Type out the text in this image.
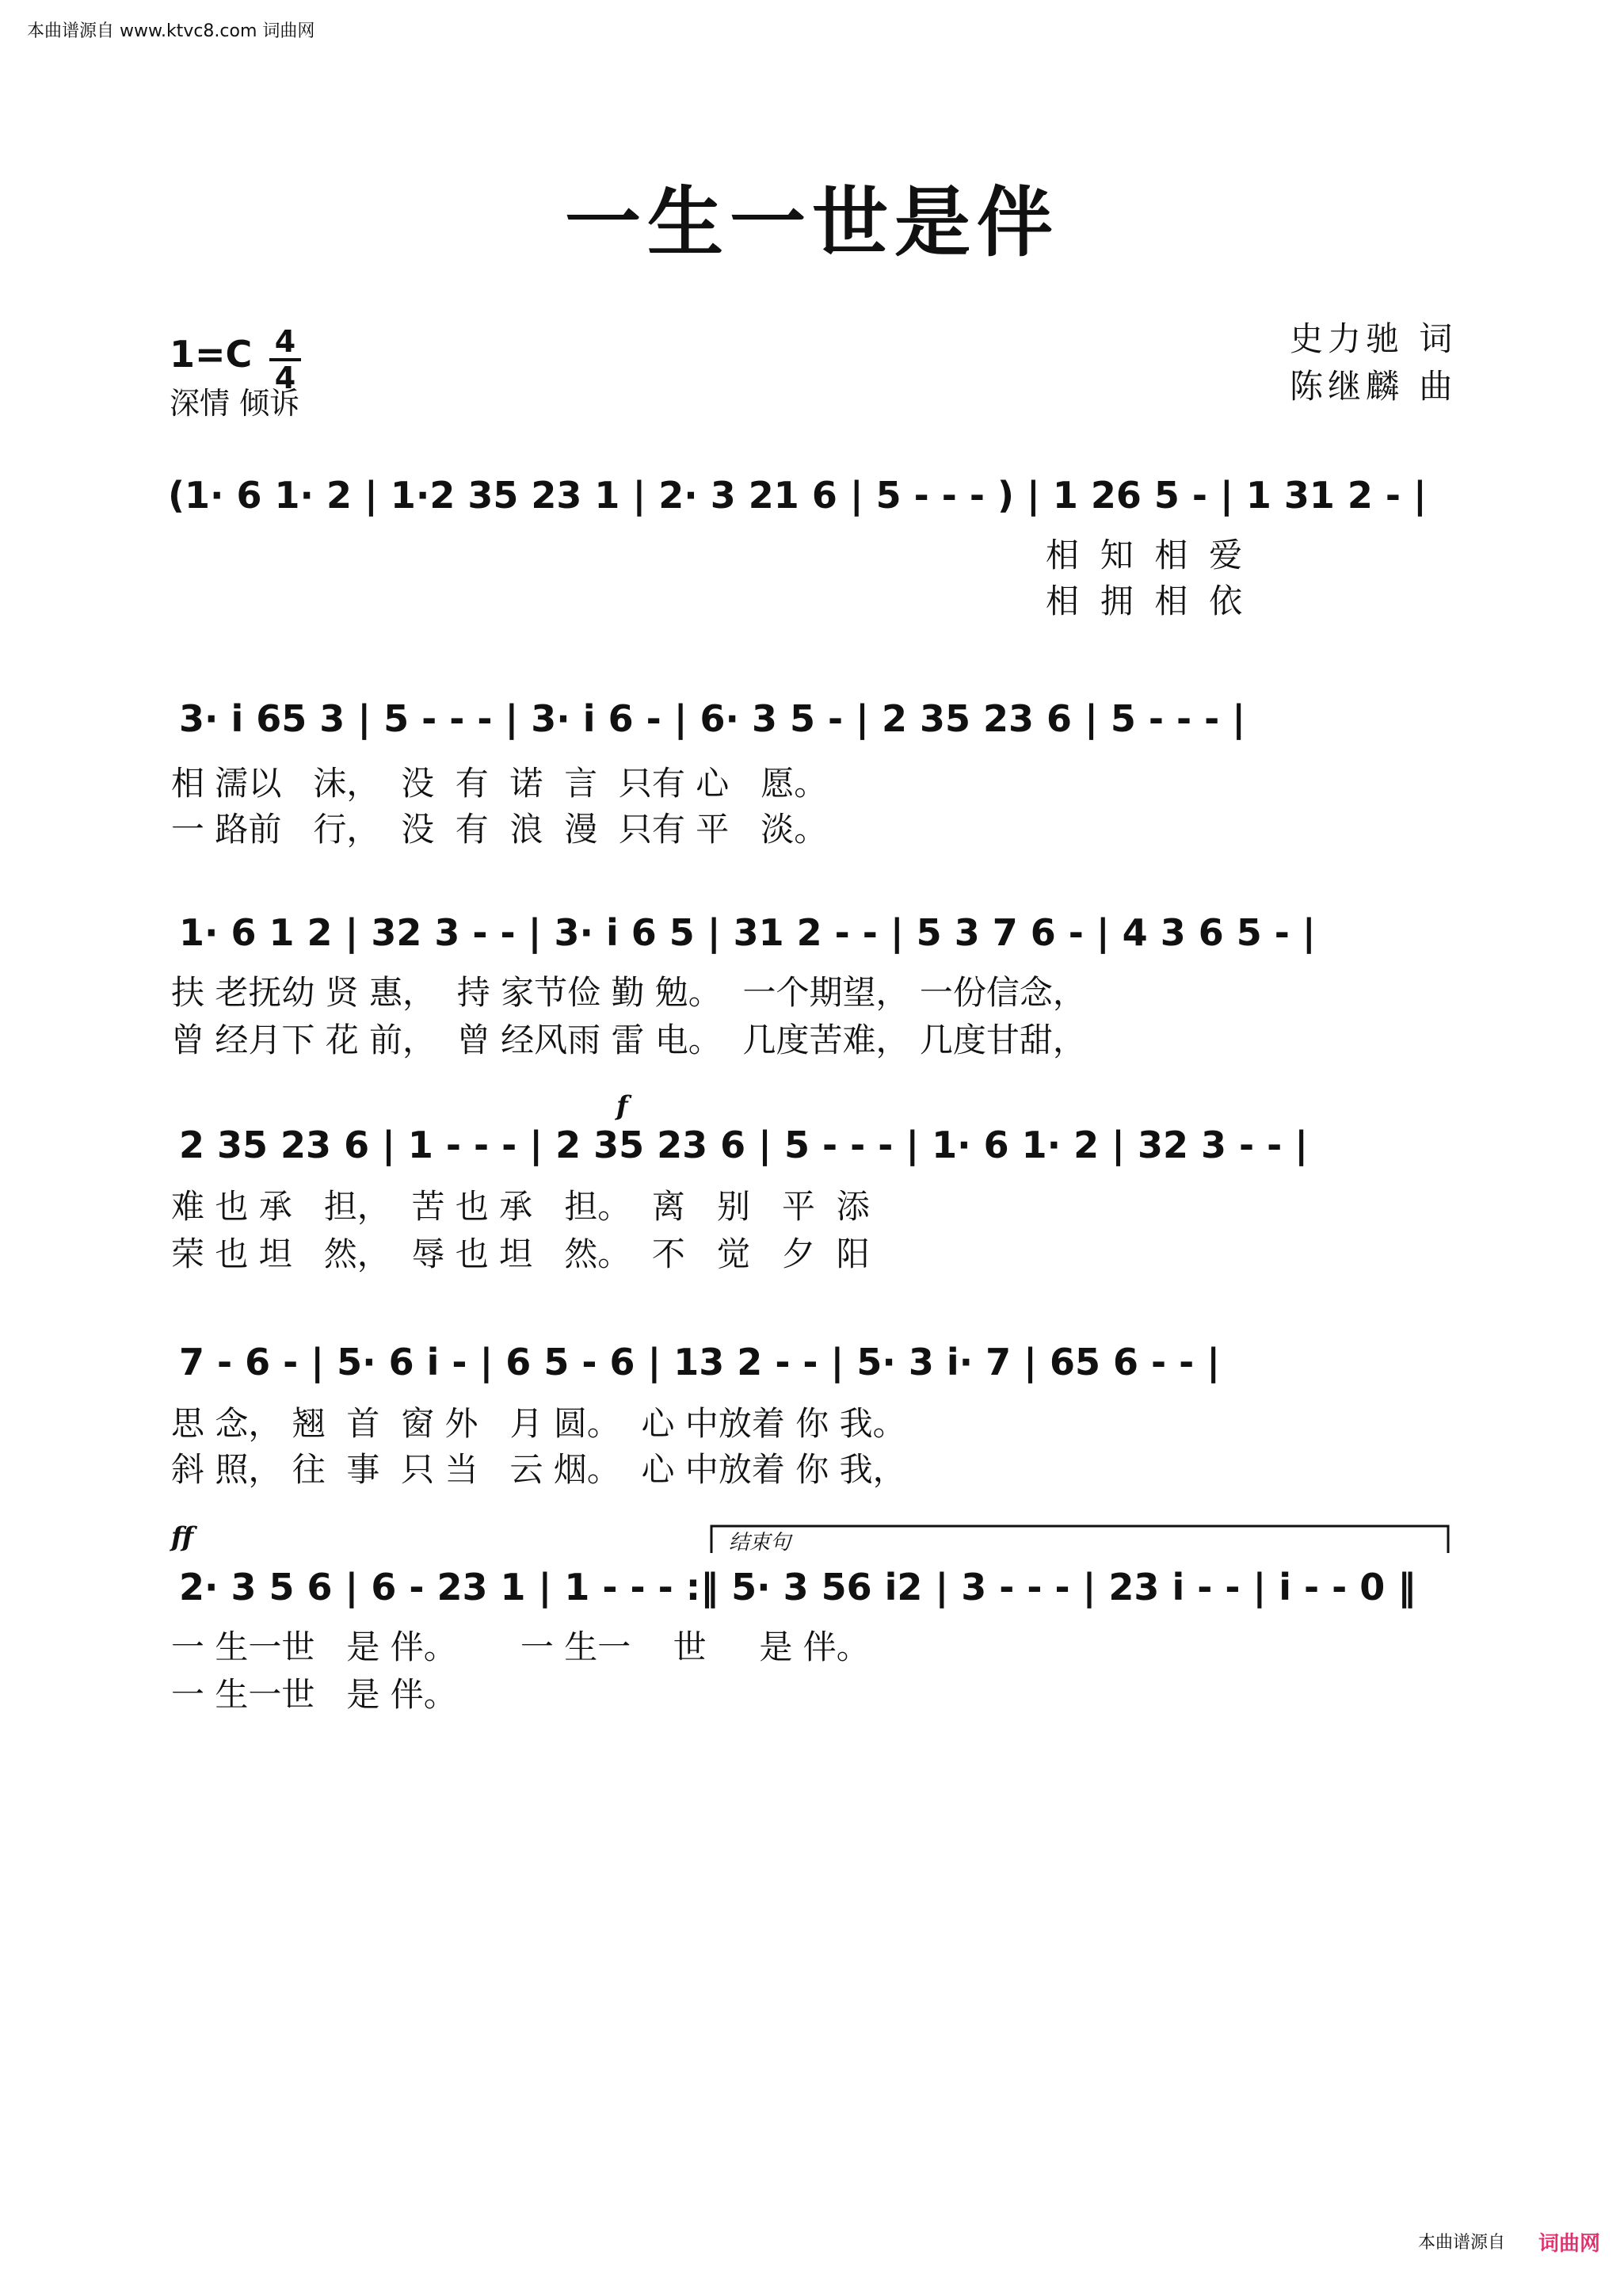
本曲谱源自 www.ktvc8.com 词曲网
一生一世是伴
1=C 4
4
深情 倾诉
史力驰 词
陈继麟 曲
(1· 6 1· 2 | 1·2 35 23 1 | 2· 3 21 6 | 5 - - - ) | 1 26 5 - | 1 31 2 - |
相  知  相  爱
相  拥  相  依
3· i 65 3 | 5 - - - | 3· i 6 - | 6· 3 5 - | 2 35 23 6 | 5 - - - |
相 濡以   沫，  没  有  诺  言  只有 心   愿。
一 路前   行，  没  有  浪  漫  只有 平   淡。
1· 6 1 2 | 32 3 - - | 3· i 6 5 | 31 2 - - | 5 3 7 6 - | 4 3 6 5 - |
扶 老抚幼 贤 惠，  持 家节俭 勤 勉。  一个期望， 一份信念，
曾 经月下 花 前，  曾 经风雨 雷 电。  几度苦难， 几度甘甜，
f
2 35 23 6 | 1 - - - | 2 35 23 6 | 5 - - - | 1· 6 1· 2 | 32 3 - - |
难 也 承   担，  苦 也 承   担。  离   别   平  添
荣 也 坦   然，  辱 也 坦   然。  不   觉   夕  阳
7 - 6 - | 5· 6 i - | 6 5 - 6 | 13 2 - - | 5· 3 i· 7 | 65 6 - - |
思 念， 翘  首  窗 外   月 圆。  心 中放着 你 我。
斜 照， 往  事  只 当   云 烟。  心 中放着 你 我，
ff	结束句
2· 3 5 6 | 6 - 23 1 | 1 - - - :‖ 5· 3 56 i2 | 3 - - - | 23 i - - | i - - 0 ‖
一 生一世   是 伴。      一 生一    世     是 伴。
一 生一世   是 伴。
本曲谱源自 词曲网
